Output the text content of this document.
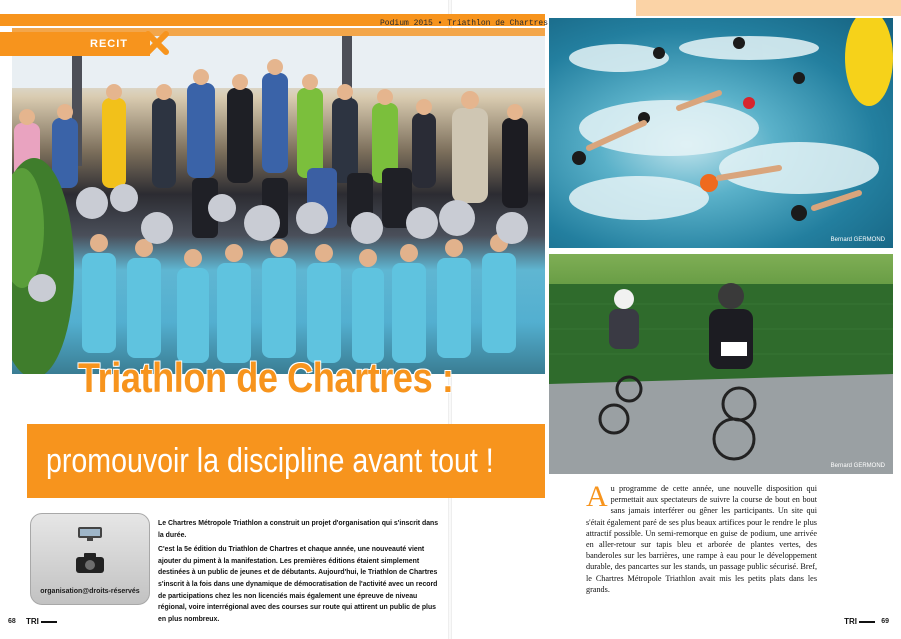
Podium 2015 • Triathlon de Chartres
RECIT
Bernard GERMOND
Bernard GERMOND
Triathlon de Chartres :
promouvoir la discipline avant tout !
organisation@droits-réservés

Le Chartres Métropole Triathlon a construit un projet d'organisation qui s'inscrit dans la durée.

C'est la 5e édition du Triathlon de Chartres et chaque année, une nouveauté vient ajouter du piment à la manifestation. Les premières éditions étaient simplement destinées à un public de jeunes et de débutants. Aujourd'hui, le Triathlon de Chartres s'inscrit à la fois dans une dynamique de démocratisation de l'activité avec un record de participations chez les non licenciés mais également une épreuve de niveau régional, voire interrégional avec des courses sur route qui attirent un public de plus en plus nombreux.

Au programme de cette année, une nouvelle disposition qui permettait aux spectateurs de suivre la course de bout en bout sans jamais interférer ou gêner les participants. Un site qui s'était également paré de ses plus beaux artifices pour le rendre le plus attractif possible. Un semi-remorque en guise de podium, une arrivée en aller-retour sur tapis bleu et arborée de plantes vertes, des banderoles sur les barrières, une rampe à eau pour le développement durable, des pancartes sur les stands, un passage public sécurisé. Bref, le Chartres Métropole Triathlon avait mis les petits plats dans les grands.
68 TRI	TRI	69
